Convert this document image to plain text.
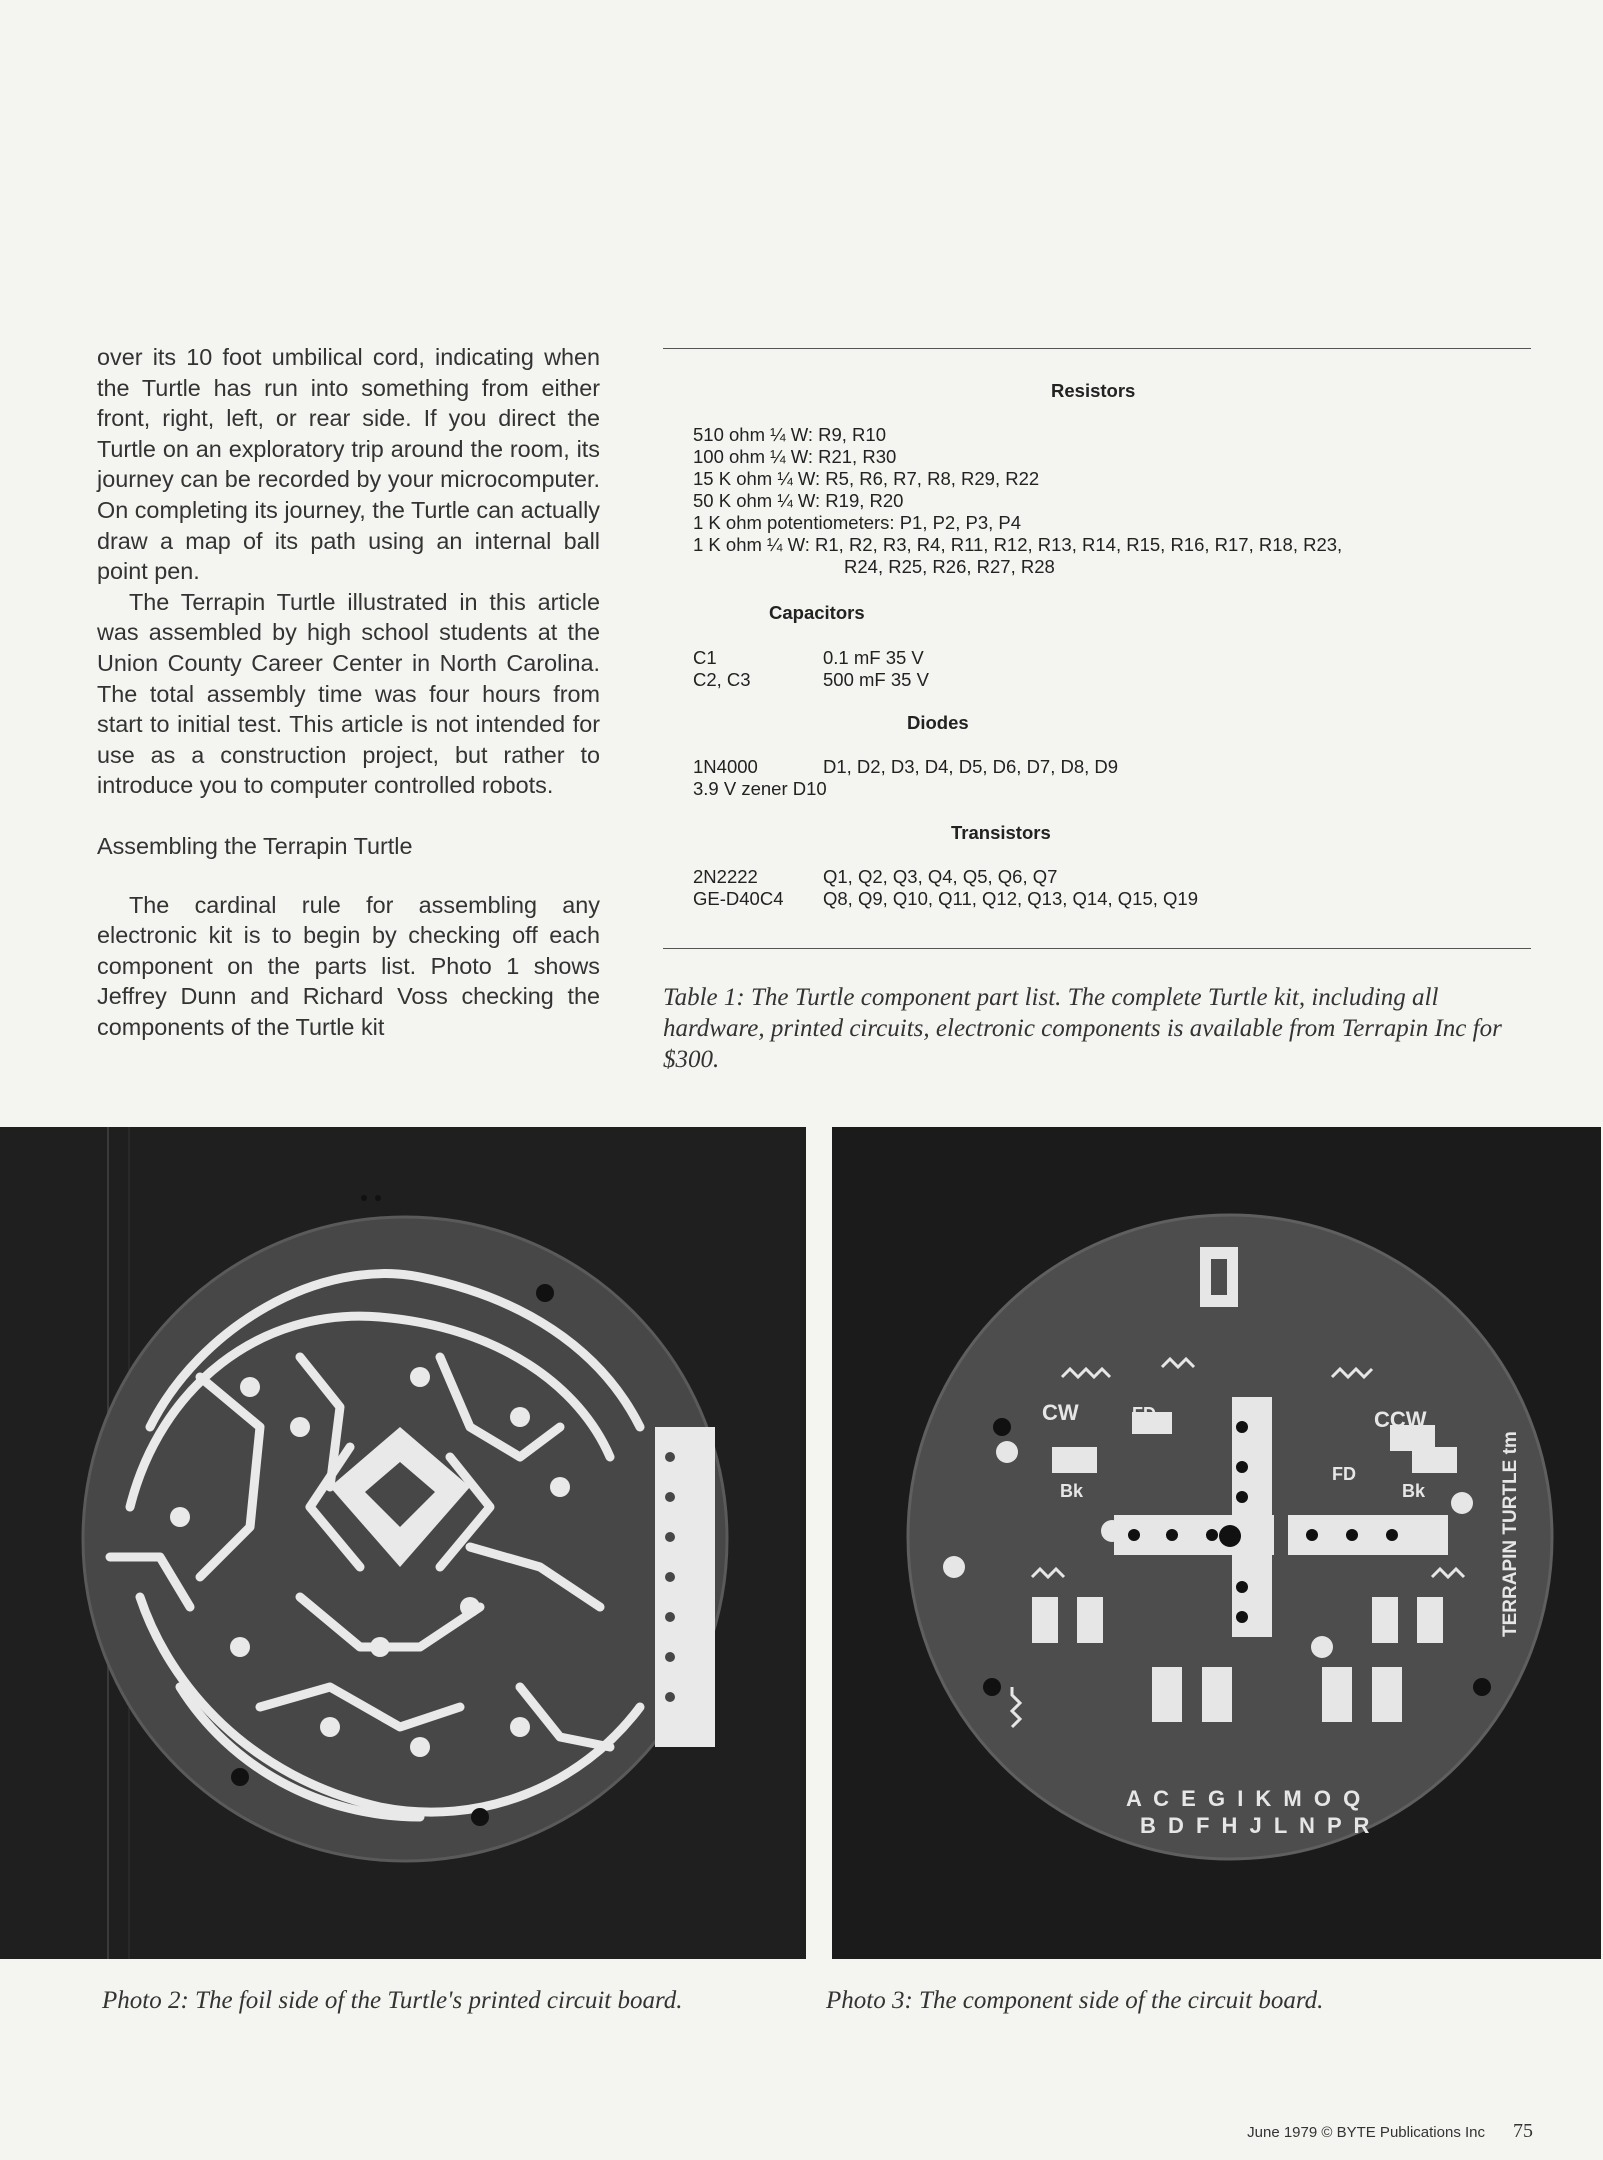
over its 10 foot umbilical cord, indicating when the Turtle has run into something from either front, right, left, or rear side. If you direct the Turtle on an exploratory trip around the room, its journey can be recorded by your microcomputer. On completing its journey, the Turtle can actually draw a map of its path using an internal ball point pen.

The Terrapin Turtle illustrated in this article was assembled by high school students at the Union County Career Center in North Carolina. The total assembly time was four hours from start to initial test. This article is not intended for use as a construction project, but rather to introduce you to computer controlled robots.

Assembling the Terrapin Turtle

The cardinal rule for assembling any electronic kit is to begin by checking off each component on the parts list. Photo 1 shows Jeffrey Dunn and Richard Voss checking the components of the Turtle kit

Resistors
510 ohm ¼ W: R9, R10
100 ohm ¼ W: R21, R30
15 K ohm ¼ W: R5, R6, R7, R8, R29, R22
50 K ohm ¼ W: R19, R20
1 K ohm potentiometers: P1, P2, P3, P4
1 K ohm ¼ W: R1, R2, R3, R4, R11, R12, R13, R14, R15, R16, R17, R18, R23,
R24, R25, R26, R27, R28
Capacitors
C1	0.1 mF 35 V
C2, C3	500 mF 35 V
Diodes
1N4000	D1, D2, D3, D4, D5, D6, D7, D8, D9
3.9 V zener D10
Transistors
2N2222	Q1, Q2, Q3, Q4, Q5, Q6, Q7
GE-D40C4 Q8, Q9, Q10, Q11, Q12, Q13, Q14, Q15, Q19
Table 1: The Turtle component part list. The complete Turtle kit, including all hardware, printed circuits, electronic components is available from Terrapin Inc for $300.
Photo 2: The foil side of the Turtle's printed circuit board.
CW	CCW
FD
FD
Bk	Bk	TERRAPIN TURTLE tm
A C E G I K M O Q
B D F H J L N P R
Photo 3: The component side of the circuit board.
June 1979 © BYTE Publications Inc 75
